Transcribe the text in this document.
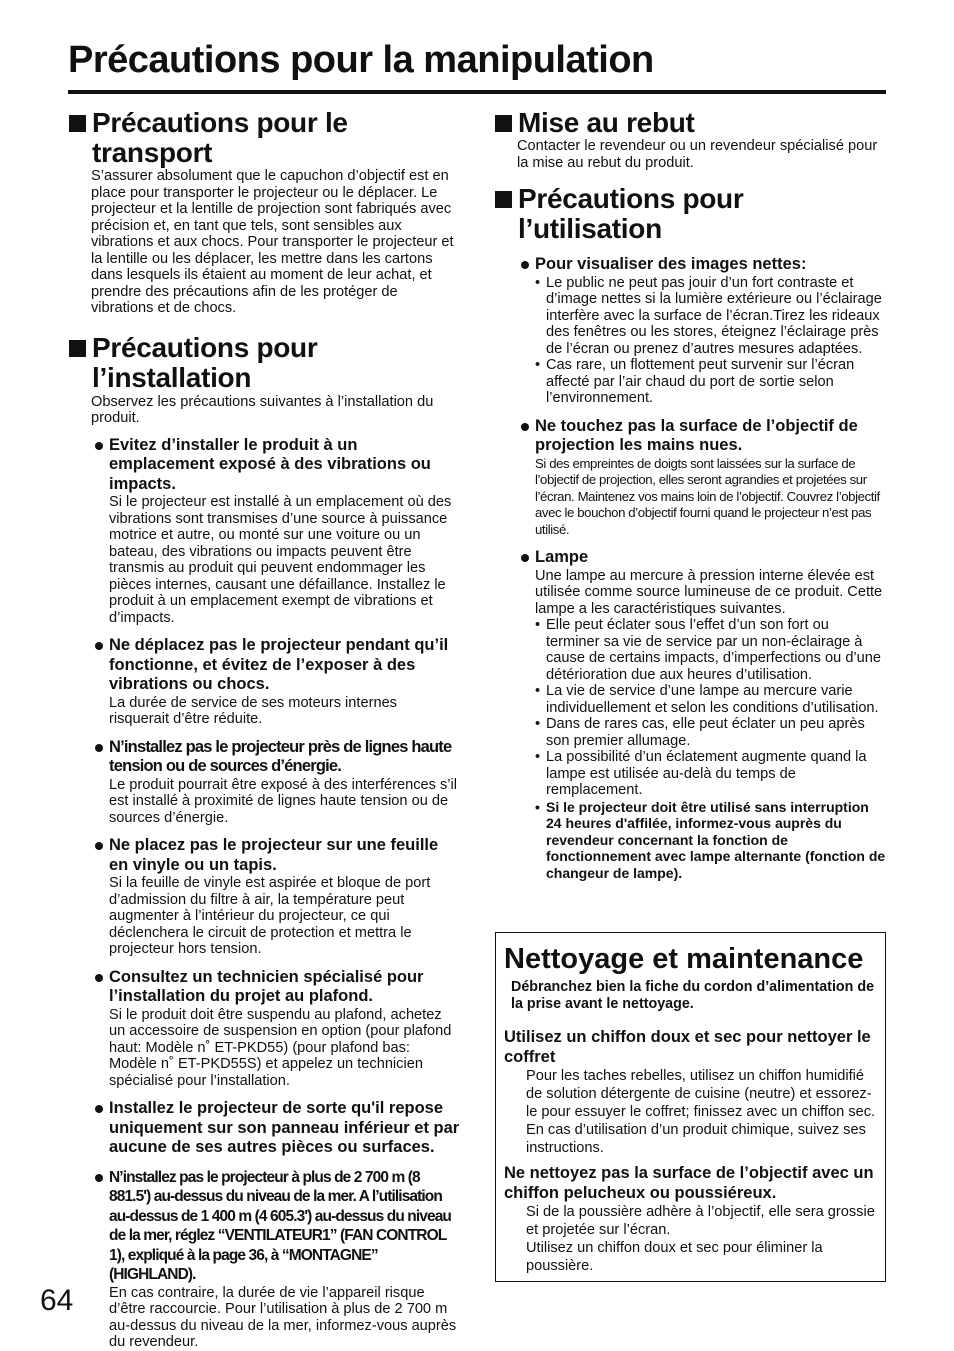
Précautions pour la manipulation
Précautions pour le transport

S’assurer absolument que le capuchon d’objectif est en place pour transporter le projecteur ou le déplacer. Le projecteur et la lentille de projection sont fabriqués avec précision et, en tant que tels, sont sensibles aux vibrations et aux chocs. Pour transporter le projecteur et la lentille ou les déplacer, les mettre dans les cartons dans lesquels ils étaient au moment de leur achat, et prendre des précautions afin de les protéger de vibrations et de chocs.

Précautions pour l’installation

Observez les précautions suivantes à l’installation du produit.

Evitez d’installer le produit à un emplacement exposé à des vibrations ou impacts.

Si le projecteur est installé à un emplacement où des vibrations sont transmises d’une source à puissance motrice et autre, ou monté sur une voiture ou un bateau, des vibrations ou impacts peuvent être transmis au produit qui peuvent endommager les pièces internes, causant une défaillance. Installez le produit à un emplacement exempt de vibrations et d’impacts.

Ne déplacez pas le projecteur pendant qu’il fonctionne, et évitez de l’exposer à des vibrations ou chocs.

La durée de service de ses moteurs internes risquerait d’être réduite.

N’installez pas le projecteur près de lignes haute tension ou de sources d’énergie.

Le produit pourrait être exposé à des interférences s’il est installé à proximité de lignes haute tension ou de sources d’énergie.

Ne placez pas le projecteur sur une feuille en vinyle ou un tapis.

Si la feuille de vinyle est aspirée et bloque de port d’admission du filtre à air, la température peut augmenter à l’intérieur du projecteur, ce qui déclenchera le circuit de protection et mettra le projecteur hors tension.

Consultez un technicien spécialisé pour l’installation du projet au plafond.

Si le produit doit être suspendu au plafond, achetez un accessoire de suspension en option (pour plafond haut: Modèle n˚ ET-PKD55) (pour plafond bas: Modèle n˚ ET-PKD55S) et appelez un technicien spécialisé pour l’installation.

Installez le projecteur de sorte qu'il repose uniquement sur son panneau inférieur et par aucune de ses autres pièces ou surfaces.

N’installez pas le projecteur à plus de 2 700 m (8 881.5') au-dessus du niveau de la mer. A l’utilisation au-dessus de 1 400 m (4 605.3') au-dessus du niveau de la mer, réglez “VENTILATEUR1” (FAN CONTROL 1), expliqué à la page 36, à “MONTAGNE” (HIGHLAND).

En cas contraire, la durée de vie l’appareil risque d’être raccourcie. Pour l’utilisation à plus de 2 700 m au-dessus du niveau de la mer, informez-vous auprès du revendeur.

Mise au rebut

Contacter le revendeur ou un revendeur spécialisé pour la mise au rebut du produit.

Précautions pour l’utilisation

Pour visualiser des images nettes:

• Le public ne peut pas jouir d’un fort contraste et d’image nettes si la lumière extérieure ou l’éclairage interfère avec la surface de l’écran.Tirez les rideaux des fenêtres ou les stores, éteignez l’éclairage près de l’écran ou prenez d’autres mesures adaptées.
• Cas rare, un flottement peut survenir sur l’écran affecté par l’air chaud du port de sortie selon l’environnement.

Ne touchez pas la surface de l’objectif de projection les mains nues.

Si des empreintes de doigts sont laissées sur la surface de l’objectif de projection, elles seront agrandies et projetées sur l’écran. Maintenez vos mains loin de l’objectif. Couvrez l’objectif avec le bouchon d’objectif fourni quand le projecteur n’est pas utilisé.

Lampe

Une lampe au mercure à pression interne élevée est utilisée comme source lumineuse de ce produit. Cette lampe a les caractéristiques suivantes.

• Elle peut éclater sous l’effet d’un son fort ou terminer sa vie de service par un non-éclairage à cause de certains impacts, d’imperfections ou d’une détérioration due aux heures d’utilisation.
• La vie de service d’une lampe au mercure varie individuellement et selon les conditions d’utilisation.
• Dans de rares cas, elle peut éclater un peu après son premier allumage.
• La possibilité d’un éclatement augmente quand la lampe est utilisée au-delà du temps de remplacement.
• Si le projecteur doit être utilisé sans interruption 24 heures d'affilée, informez-vous auprès du revendeur concernant la fonction de fonctionnement avec lampe alternante (fonction de changeur de lampe).
Nettoyage et maintenance

Débranchez bien la fiche du cordon d’alimentation de la prise avant le nettoyage.

Utilisez un chiffon doux et sec pour nettoyer le coffret

Pour les taches rebelles, utilisez un chiffon humidifié de solution détergente de cuisine (neutre) et essorez-le pour essuyer le coffret; finissez avec un chiffon sec. En cas d’utilisation d’un produit chimique, suivez ses instructions.

Ne nettoyez pas la surface de l’objectif avec un chiffon pelucheux ou poussiéreux.

Si de la poussière adhère à l’objectif, elle sera grossie et projetée sur l’écran.

Utilisez un chiffon doux et sec pour éliminer la poussière.

64
